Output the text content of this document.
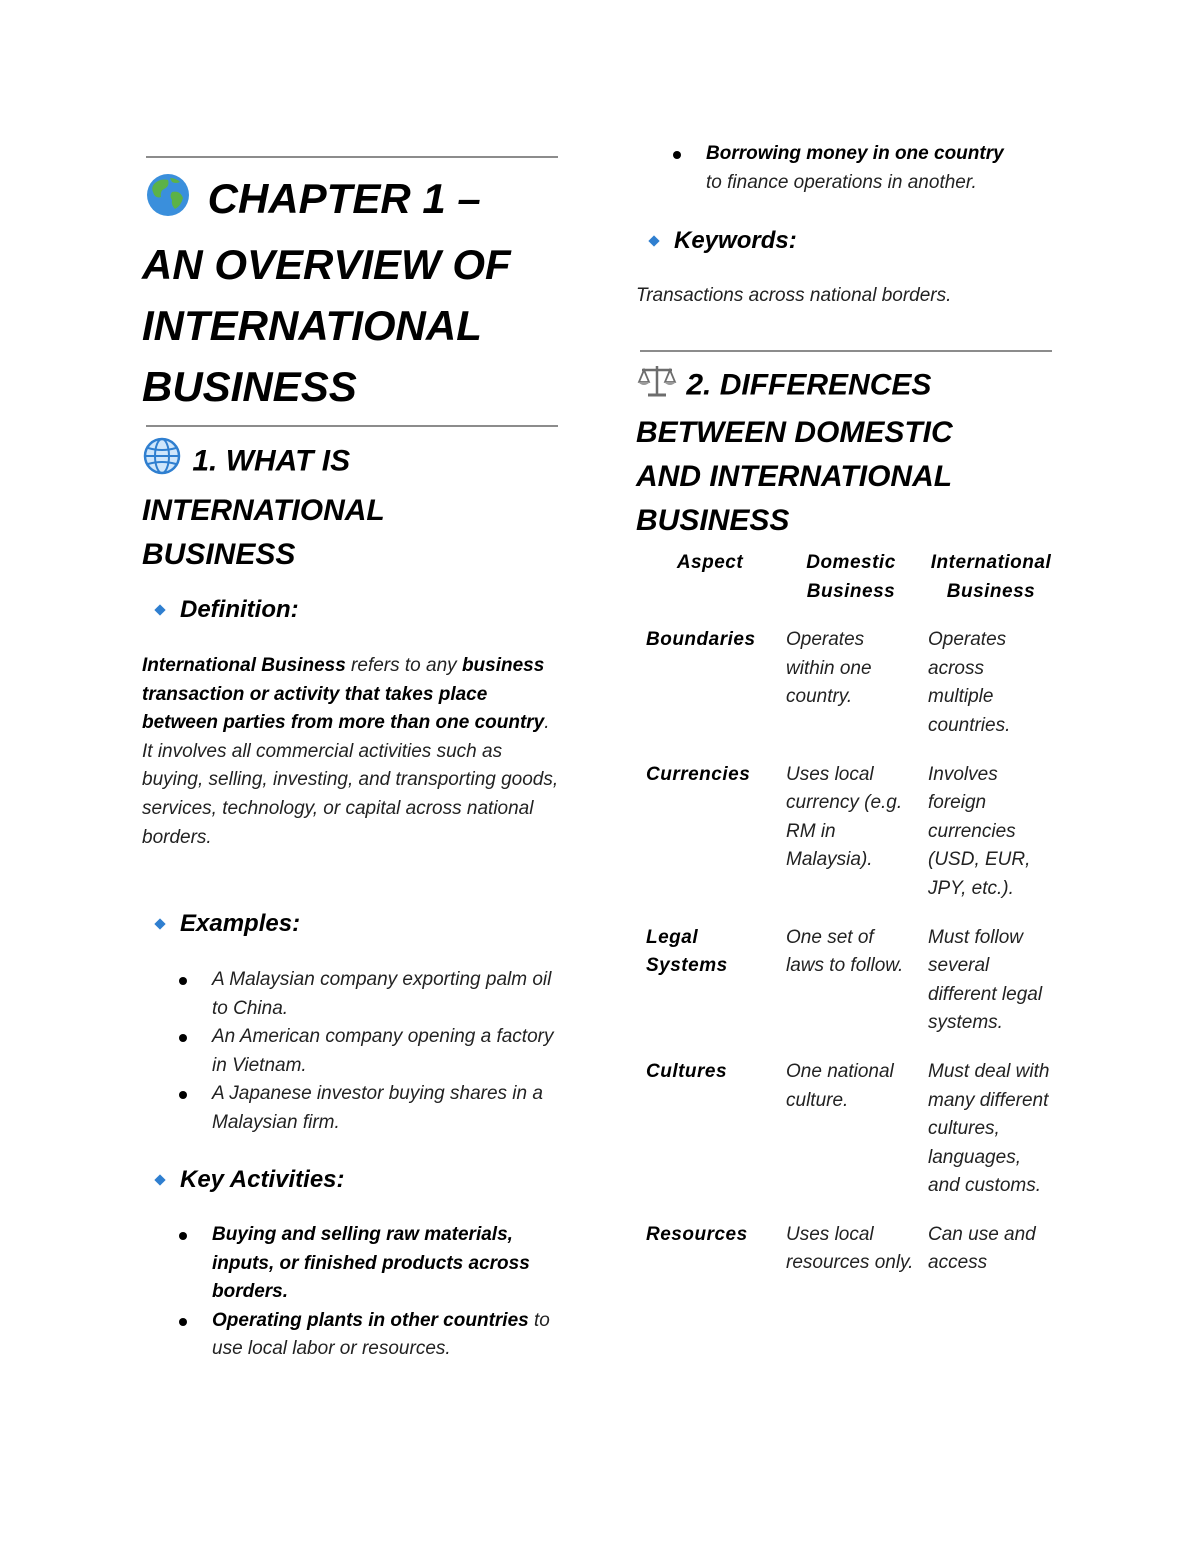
CHAPTER 1 –
AN OVERVIEW OF
INTERNATIONAL
BUSINESS
1. WHAT IS
INTERNATIONAL
BUSINESS
Definition:
International Business refers to any business transaction or activity that takes place between parties from more than one country.
It involves all commercial activities such as buying, selling, investing, and transporting goods, services, technology, or capital across national borders.
Examples:
A Malaysian company exporting palm oil to China.
An American company opening a factory in Vietnam.
A Japanese investor buying shares in a Malaysian firm.
Key Activities:
Buying and selling raw materials, inputs, or finished products across borders.
Operating plants in other countries to use local labor or resources.
Borrowing money in one country
to finance operations in another.
Keywords:
Transactions across national borders.
2. DIFFERENCES
BETWEEN DOMESTIC
AND INTERNATIONAL
BUSINESS
Aspect	Domestic Business	International Business
Boundaries	Operates within one country.	Operates across multiple countries.
Currencies	Uses local currency (e.g. RM in Malaysia).	Involves foreign currencies (USD, EUR, JPY, etc.).
Legal Systems	One set of laws to follow.	Must follow several different legal systems.
Cultures	One national culture.	Must deal with many different cultures, languages, and customs.
Resources	Uses local resources only.	Can use and access
